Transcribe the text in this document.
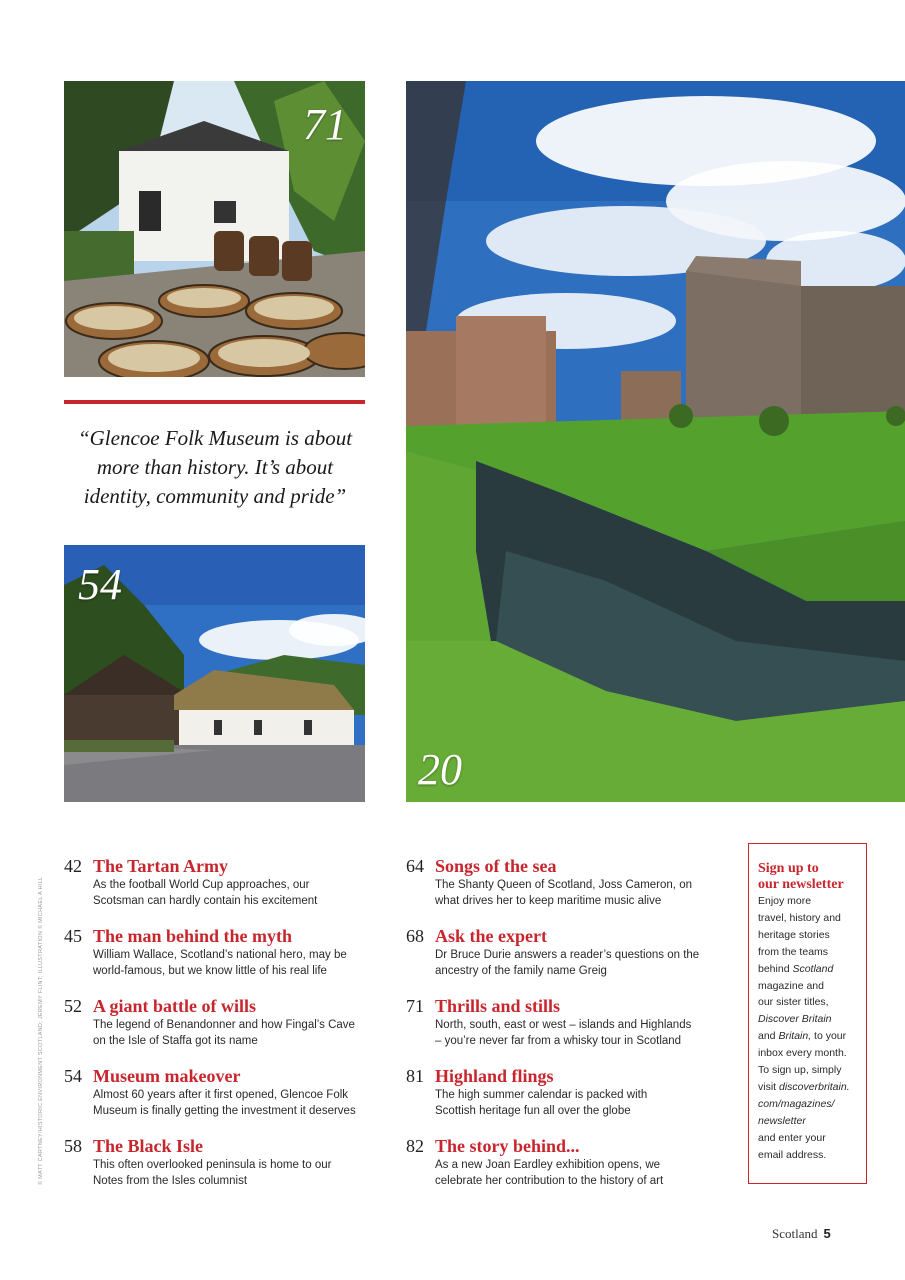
71
“Glencoe Folk Museum is about
more than history. It’s about
identity, community and pride”
54
20
© MATT CARTNEY/HISTORIC ENVIRONMENT SCOTLAND; JEREMY FLINT; ILLUSTRATION © MICHAEL A HILL
42 The Tartan Army
As the football World Cup approaches, our
Scotsman can hardly contain his excitement
45 The man behind the myth
William Wallace, Scotland’s national hero, may be
world-famous, but we know little of his real life
52 A giant battle of wills
The legend of Benandonner and how Fingal’s Cave
on the Isle of Staffa got its name
54 Museum makeover
Almost 60 years after it first opened, Glencoe Folk
Museum is finally getting the investment it deserves
58 The Black Isle
This often overlooked peninsula is home to our
Notes from the Isles columnist
64 Songs of the sea
The Shanty Queen of Scotland, Joss Cameron, on
what drives her to keep maritime music alive
68 Ask the expert
Dr Bruce Durie answers a reader’s questions on the
ancestry of the family name Greig
71 Thrills and stills
North, south, east or west – islands and Highlands
– you’re never far from a whisky tour in Scotland
81 Highland flings
The high summer calendar is packed with
Scottish heritage fun all over the globe
82 The story behind...
As a new Joan Eardley exhibition opens, we
celebrate her contribution to the history of art
Sign up to
our newsletter
Enjoy more
travel, history and
heritage stories
from the teams
behind Scotland
magazine and
our sister titles,
Discover Britain
and Britain, to your
inbox every month.
To sign up, simply
visit discoverbritain.
com/magazines/
newsletter
and enter your
email address.
Scotland 5
